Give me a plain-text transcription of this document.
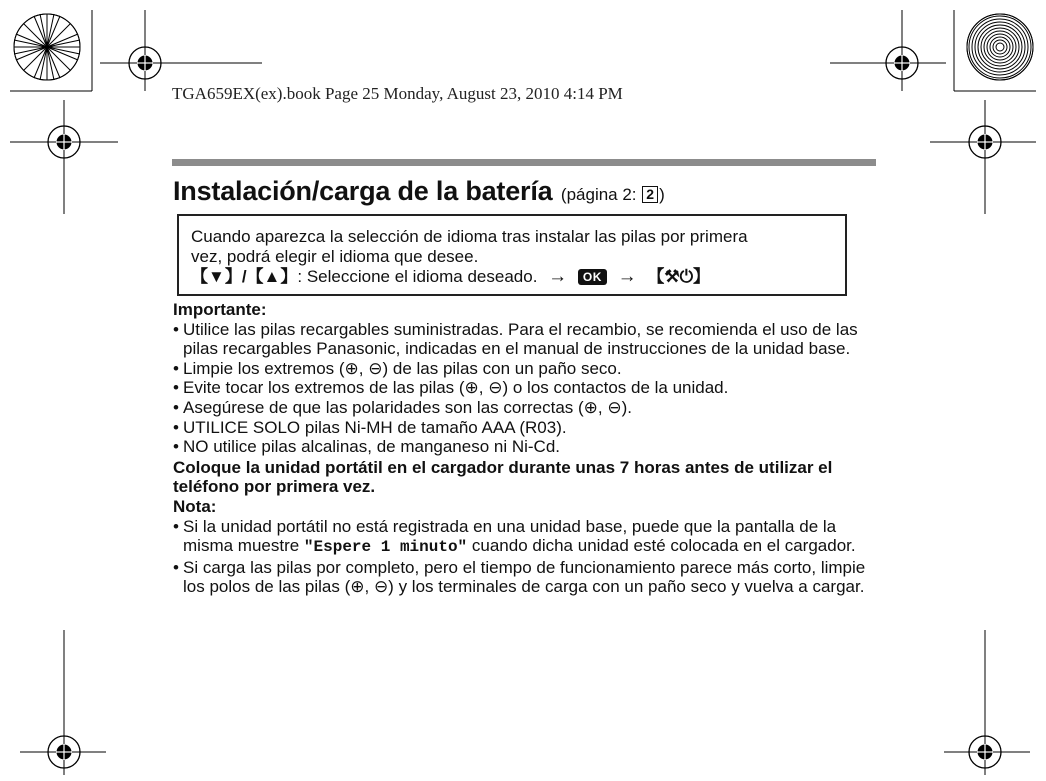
TGA659EX(ex).book Page 25 Monday, August 23, 2010 4:14 PM
Instalación/carga de la batería (página 2: 2 )
Cuando aparezca la selección de idioma tras instalar las pilas por primera
vez, podrá elegir el idioma que desee.
【▼】/【▲】: Seleccione el idioma deseado. → OK → 【⚒⏻】
Importante:
• Utilice las pilas recargables suministradas. Para el recambio, se recomienda el uso de las pilas recargables Panasonic, indicadas en el manual de instrucciones de la unidad base.
• Limpie los extremos (⊕, ⊖) de las pilas con un paño seco.
• Evite tocar los extremos de las pilas (⊕, ⊖) o los contactos de la unidad.
• Asegúrese de que las polaridades son las correctas (⊕, ⊖).
• UTILICE SOLO pilas Ni-MH de tamaño AAA (R03).
• NO utilice pilas alcalinas, de manganeso ni Ni-Cd.
Coloque la unidad portátil en el cargador durante unas 7 horas antes de utilizar el teléfono por primera vez.
Nota:
• Si la unidad portátil no está registrada en una unidad base, puede que la pantalla de la misma muestre "Espere 1 minuto" cuando dicha unidad esté colocada en el cargador.
• Si carga las pilas por completo, pero el tiempo de funcionamiento parece más corto, limpie los polos de las pilas (⊕, ⊖) y los terminales de carga con un paño seco y vuelva a cargar.
